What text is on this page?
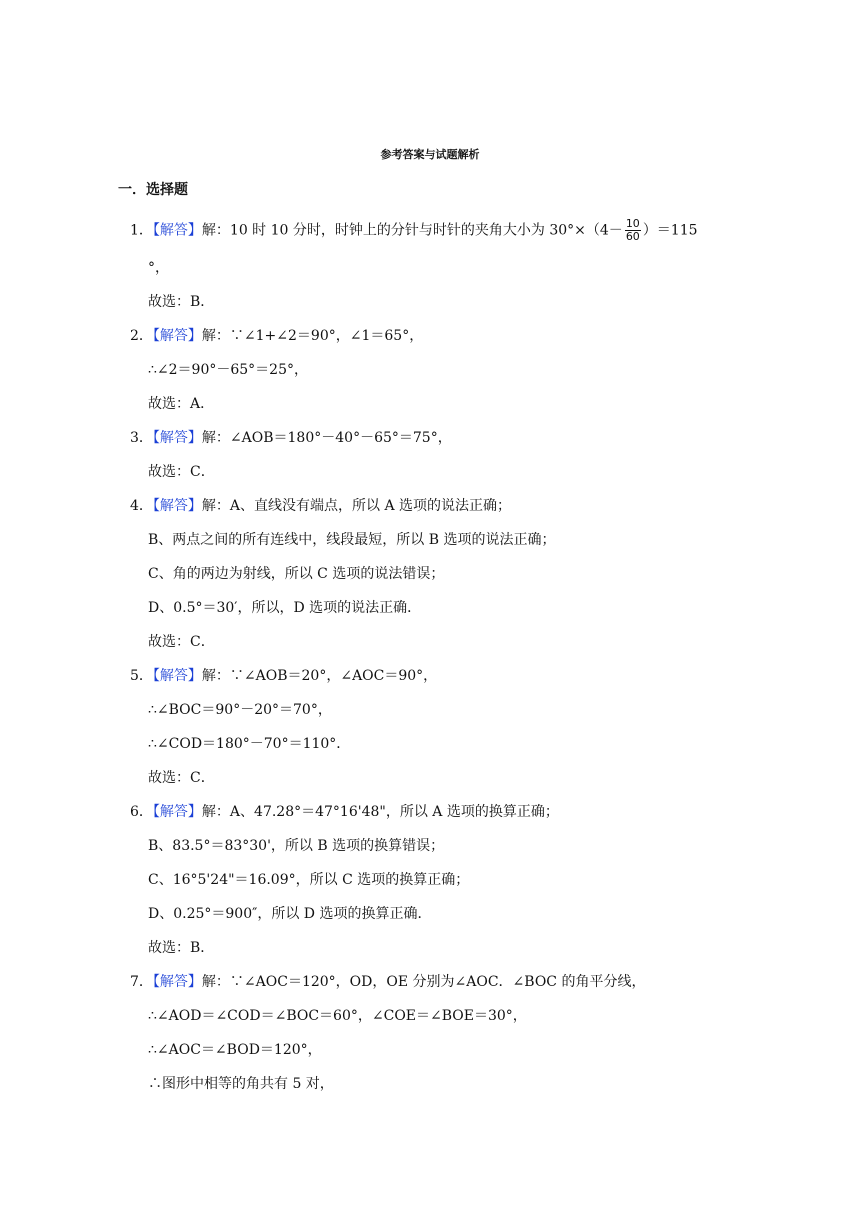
参考答案与试题解析
一．选择题
1．【解答】解：10 时 10 分时，时钟上的分针与时针的夹角大小为 $30^\circ\times(4- \frac{10}{60} )=115$
°，
故选：B．
2．【解答】解：∵∠1+∠2＝90°，∠1＝65°，
∴∠2＝90°－65°＝25°，
故选：A．
3．【解答】解：∠AOB＝180°－40°－65°＝75°，
故选：C．
4．【解答】解：A、直线没有端点，所以 A 选项的说法正确；
B、两点之间的所有连线中，线段最短，所以 B 选项的说法正确；
C、角的两边为射线，所以 C 选项的说法错误；
D、0.5°＝30′，所以，D 选项的说法正确．
故选：C．
5．【解答】解：∵∠AOB＝20°，∠AOC＝90°，
∴∠BOC＝90°－20°＝70°，
∴∠COD＝180°－70°＝110°．
故选：C．
6．【解答】解：A、47.28°＝47°16'48"，所以 A 选项的换算正确；
B、83.5°＝83°30'，所以 B 选项的换算错误；
C、16°5'24"＝16.09°，所以 C 选项的换算正确；
D、0.25°＝900″，所以 D 选项的换算正确．
故选：B．
7．【解答】解：∵∠AOC＝120°，OD，OE 分别为∠AOC．∠BOC 的角平分线，
∴∠AOD＝∠COD＝∠BOC＝60°，∠COE＝∠BOE＝30°，
∴∠AOC＝∠BOD＝120°，
∴图形中相等的角共有 5 对，
